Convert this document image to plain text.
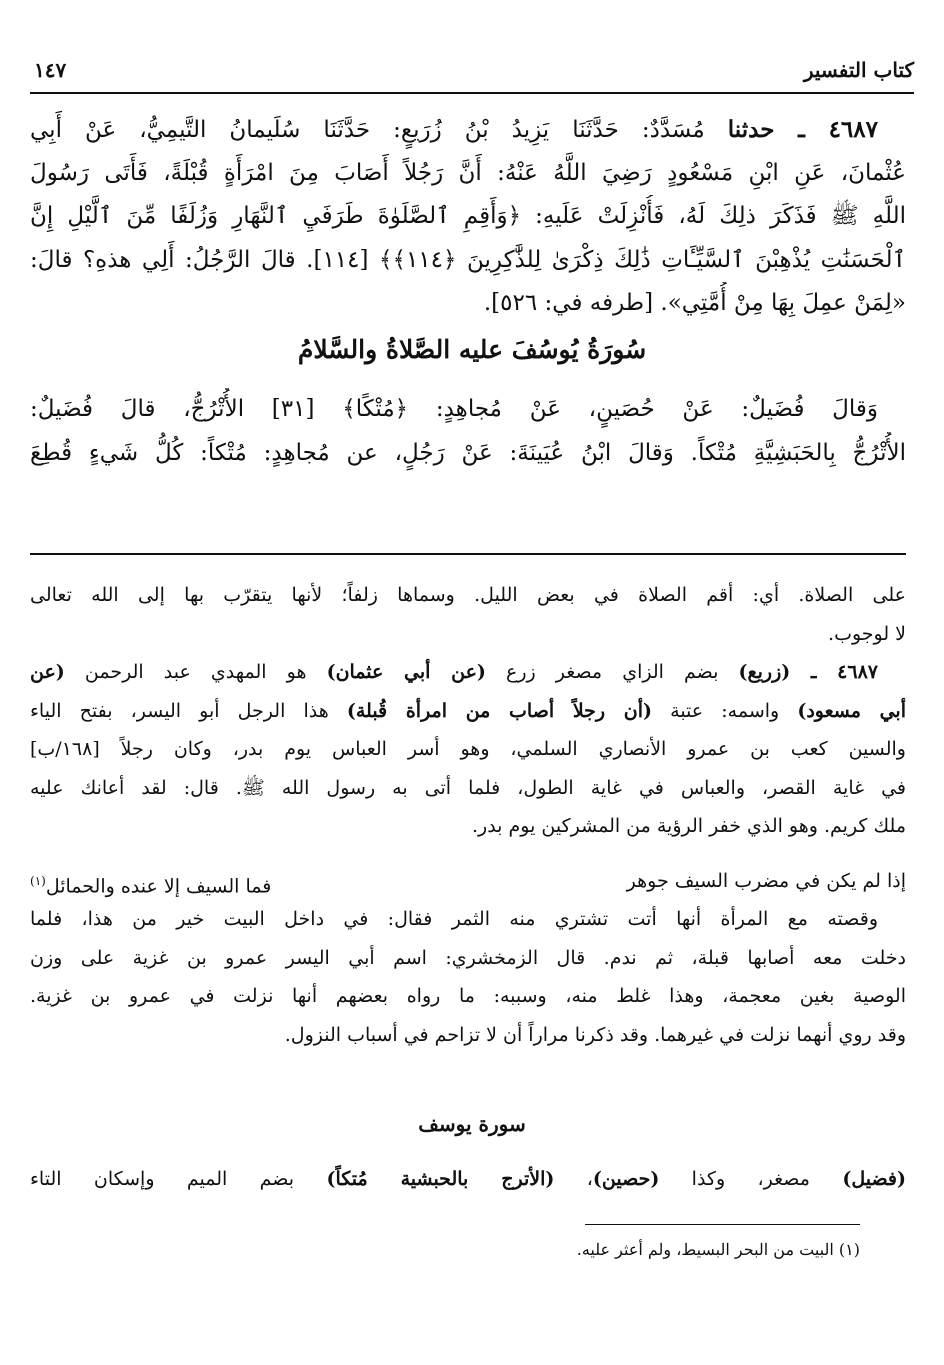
كتاب التفسير
١٤٧
٤٦٨٧ ـ حدثنا مُسَدَّدٌ: حَدَّثَنَا يَزِيدُ بْنُ زُرَيعٍ: حَدَّثَنَا سُلَيمانُ التَّيمِيُّ، عَنْ أَبِي
عُثْمانَ، عَنِ ابْنِ مَسْعُودٍ رَضِيَ اللَّهُ عَنْهُ: أَنَّ رَجُلاً أَصَابَ مِنَ امْرَأَةٍ قُبْلَةً، فَأَتَى رَسُولَ
اللَّهِ ﷺ فَذَكَرَ ذلِكَ لَهُ، فَأُنْزِلَتْ عَلَيهِ: ﴿وَأَقِمِ ٱلصَّلَوٰةَ طَرَفَيِ ٱلنَّهَارِ وَزُلَفًا مِّنَ ٱلَّيْلِ إِنَّ
ٱلْحَسَنَٰتِ يُذْهِبْنَ ٱلسَّيِّـَٔاتِ ذَٰلِكَ ذِكْرَىٰ لِلذَّٰكِرِينَ ﴿١١٤﴾﴾ [١١٤]. قالَ الرَّجُلُ: أَلِي هذهِ؟ قالَ:
«لِمَنْ عمِلَ بِهَا مِنْ أُمَّتِي». [طرفه في: ٥٢٦].
سُورَةُ يُوسُفَ عليه الصَّلاةُ والسَّلامُ
وَقالَ فُضَيلٌ: عَنْ حُصَينٍ، عَنْ مُجاهِدٍ: ﴿مُتْكًا﴾ [٣١] الأُتْرُجُّ، قالَ فُضَيلٌ:
الأُتْرُجُّ بِالحَبَشِيَّةِ مُتْكاً. وَقالَ ابْنُ عُيَينَةَ: عَنْ رَجُلٍ، عن مُجاهِدٍ: مُتْكاً: كُلُّ شَيءٍ قُطِعَ
على الصلاة. أي: أقم الصلاة في بعض الليل. وسماها زلفاً؛ لأنها يتقرّب بها إلى الله تعالى
لا لوجوب.
٤٦٨٧ ـ (زريع) بضم الزاي مصغر زرع (عن أبي عثمان) هو المهدي عبد الرحمن (عن
أبي مسعود) واسمه: عتبة (أن رجلاً أصاب من امرأة قُبلة) هذا الرجل أبو اليسر، بفتح الياء
والسين كعب بن عمرو الأنصاري السلمي، وهو أسر العباس يوم بدر، وكان رجلاً [١٦٨/ب]
في غاية القصر، والعباس في غاية الطول، فلما أتى به رسول الله ﷺ. قال: لقد أعانك عليه
ملك كريم. وهو الذي خفر الرؤية من المشركين يوم بدر.
إذا لم يكن في مضرب السيف جوهر
فما السيف إلا عنده والحمائل$^{(١)}$
وقصته مع المرأة أنها أتت تشتري منه الثمر فقال: في داخل البيت خير من هذا، فلما
دخلت معه أصابها قبلة، ثم ندم. قال الزمخشري: اسم أبي اليسر عمرو بن غزية على وزن
الوصية بغين معجمة، وهذا غلط منه، وسببه: ما رواه بعضهم أنها نزلت في عمرو بن غزية.
وقد روي أنهما نزلت في غيرهما. وقد ذكرنا مراراً أن لا تزاحم في أسباب النزول.
سورة يوسف
(فضيل) مصغر، وكذا (حصين)، (الأترج بالحبشية مُتكاً) بضم الميم وإسكان التاء
(١) البيت من البحر البسيط، ولم أعثر عليه.
